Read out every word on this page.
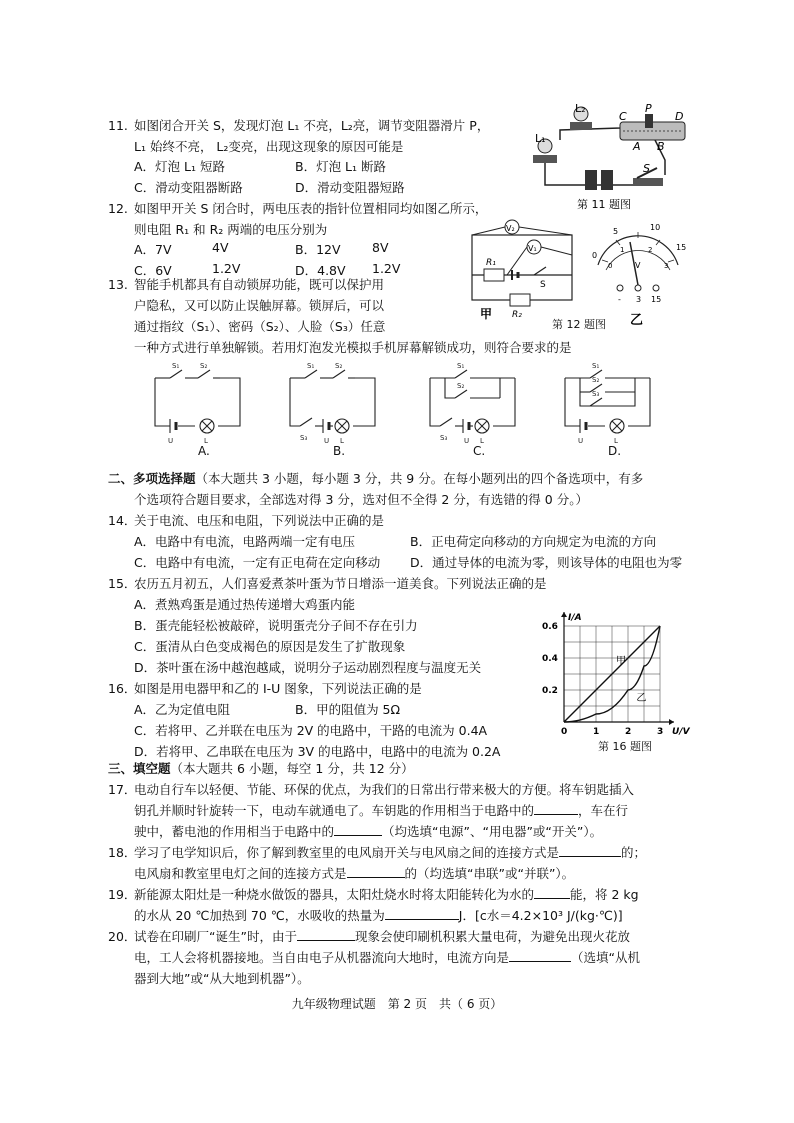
11. 如图闭合开关 S，发现灯泡 L₁ 不亮，L₂亮，调节变阻器滑片 P，
L₁ 始终不亮， L₂变亮，出现这现象的原因可能是
A．灯泡 L₁ 短路	B．灯泡 L₁ 断路
C．滑动变阻器断路	D．滑动变阻器短路
L₂
L₁
C
P
D
A B
S
第 11 题图
12. 如图甲开关 S 闭合时，两电压表的指针位置相同均如图乙所示，
则电阻 R₁ 和 R₂ 两端的电压分别为
A．7V	4V	B．12V	8V
C．6V	1.2V	D．4.8V 1.2V
V₂
V₁
R₁
R₂
S
甲
第 12 题图
0
5	10
15
0
1	2
3
V
- 3 15
乙
13. 智能手机都具有自动锁屏功能，既可以保护用
户隐私，又可以防止误触屏幕。锁屏后，可以
通过指纹（S₁）、密码（S₂）、人脸（S₃）任意
一种方式进行单独解锁。若用灯泡发光模拟手机屏幕解锁成功，则符合要求的是
S₁	S₂
U	L
S₁	S₂
S₃ U L
S₁
S₂
S₃ U L
S₁
S₂
S₃
U	L
A.	B.	C.	D.
二、多项选择题（本大题共 3 小题，每小题 3 分，共 9 分。在每小题列出的四个备选项中，有多
个选项符合题目要求，全部选对得 3 分，选对但不全得 2 分，有选错的得 0 分。）
14．关于电流、电压和电阻，下列说法中正确的是
A．电路中有电流，电路两端一定有电压	B．正电荷定向移动的方向规定为电流的方向
C．电路中有电流，一定有正电荷在定向移动 D．通过导体的电流为零，则该导体的电阻也为零
15．农历五月初五，人们喜爱煮茶叶蛋为节日增添一道美食。下列说法正确的是
A．煮熟鸡蛋是通过热传递增大鸡蛋内能
B．蛋壳能轻松被敲碎，说明蛋壳分子间不存在引力
C．蛋清从白色变成褐色的原因是发生了扩散现象
D．茶叶蛋在汤中越泡越咸，说明分子运动剧烈程度与温度无关
16．如图是用电器甲和乙的 I-U 图象，下列说法正确的是
A．乙为定值电阻	B．甲的阻值为 5Ω
C．若将甲、乙并联在电压为 2V 的电路中，干路的电流为 0.4A
D．若将甲、乙串联在电压为 3V 的电路中，电路中的电流为 0.2A
甲
乙
0	1	2	3
0.2
0.4
0.6
U/V
I/A
第 16 题图
三、填空题（本大题共 6 小题，每空 1 分，共 12 分）
17．电动自行车以轻便、节能、环保的优点，为我们的日常出行带来极大的方便。将车钥匙插入
钥孔并顺时针旋转一下，电动车就通电了。车钥匙的作用相当于电路中的	，车在行
驶中，蓄电池的作用相当于电路中的	（均选填“电源”、“用电器”或“开关”）。
18．学习了电学知识后，你了解到教室里的电风扇开关与电风扇之间的连接方式是	的；
电风扇和教室里电灯之间的连接方式是	的（均选填“串联”或“并联”）。
19．新能源太阳灶是一种烧水做饭的器具，太阳灶烧水时将太阳能转化为水的	能，将 2 kg
的水从 20 ℃加热到 70 ℃，水吸收的热量为	J．[c水＝4.2×10³ J/(kg·℃)]
20．试卷在印刷厂“诞生”时，由于	现象会使印刷机积累大量电荷，为避免出现火花放
电，工人会将机器接地。当自由电子从机器流向大地时，电流方向是	（选填“从机
器到大地”或“从大地到机器”）。
九年级物理试题　第 2 页　共（ 6 页）
